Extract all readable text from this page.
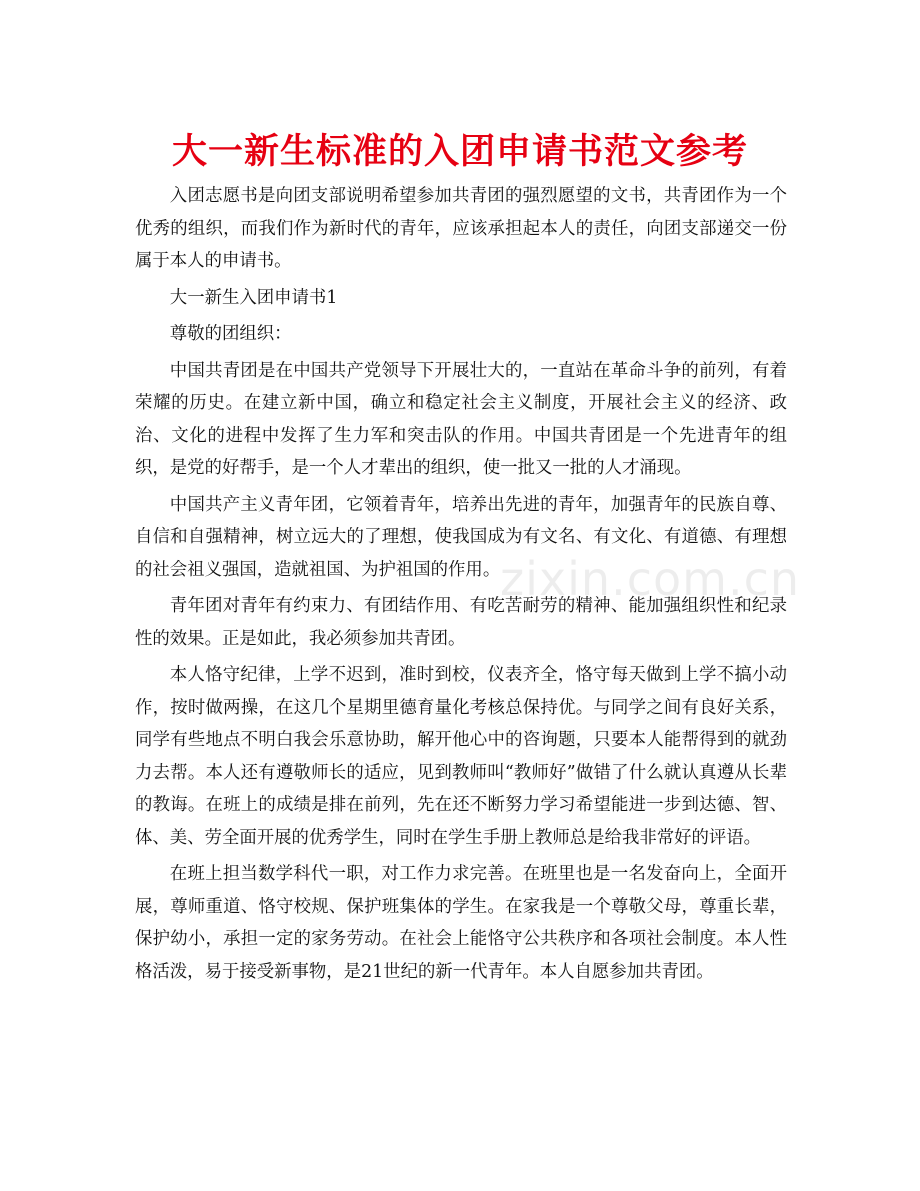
大一新生标准的入团申请书范文参考

入团志愿书是向团支部说明希望参加共青团的强烈愿望的文书，共青团作为一个优秀的组织，而我们作为新时代的青年，应该承担起本人的责任，向团支部递交一份属于本人的申请书。

大一新生入团申请书1

尊敬的团组织：

中国共青团是在中国共产党领导下开展壮大的，一直站在革命斗争的前列，有着荣耀的历史。在建立新中国，确立和稳定社会主义制度，开展社会主义的经济、政治、文化的进程中发挥了生力军和突击队的作用。中国共青团是一个先进青年的组织，是党的好帮手，是一个人才辈出的组织，使一批又一批的人才涌现。

中国共产主义青年团，它领着青年，培养出先进的青年，加强青年的民族自尊、自信和自强精神，树立远大的了理想，使我国成为有文名、有文化、有道德、有理想的社会祖义强国，造就祖国、为护祖国的作用。

青年团对青年有约束力、有团结作用、有吃苦耐劳的精神、能加强组织性和纪录性的效果。正是如此，我必须参加共青团。

本人恪守纪律，上学不迟到，准时到校，仪表齐全，恪守每天做到上学不搞小动作，按时做两操，在这几个星期里德育量化考核总保持优。与同学之间有良好关系，同学有些地点不明白我会乐意协助，解开他心中的咨询题，只要本人能帮得到的就劲力去帮。本人还有遵敬师长的适应，见到教师叫“教师好”做错了什么就认真遵从长辈的教诲。在班上的成绩是排在前列，先在还不断努力学习希望能进一步到达德、智、体、美、劳全面开展的优秀学生，同时在学生手册上教师总是给我非常好的评语。

在班上担当数学科代一职，对工作力求完善。在班里也是一名发奋向上，全面开展，尊师重道、恪守校规、保护班集体的学生。在家我是一个尊敬父母，尊重长辈，保护幼小，承担一定的家务劳动。在社会上能恪守公共秩序和各项社会制度。本人性格活泼，易于接受新事物，是21世纪的新一代青年。本人自愿参加共青团。

zixin.com.cn
